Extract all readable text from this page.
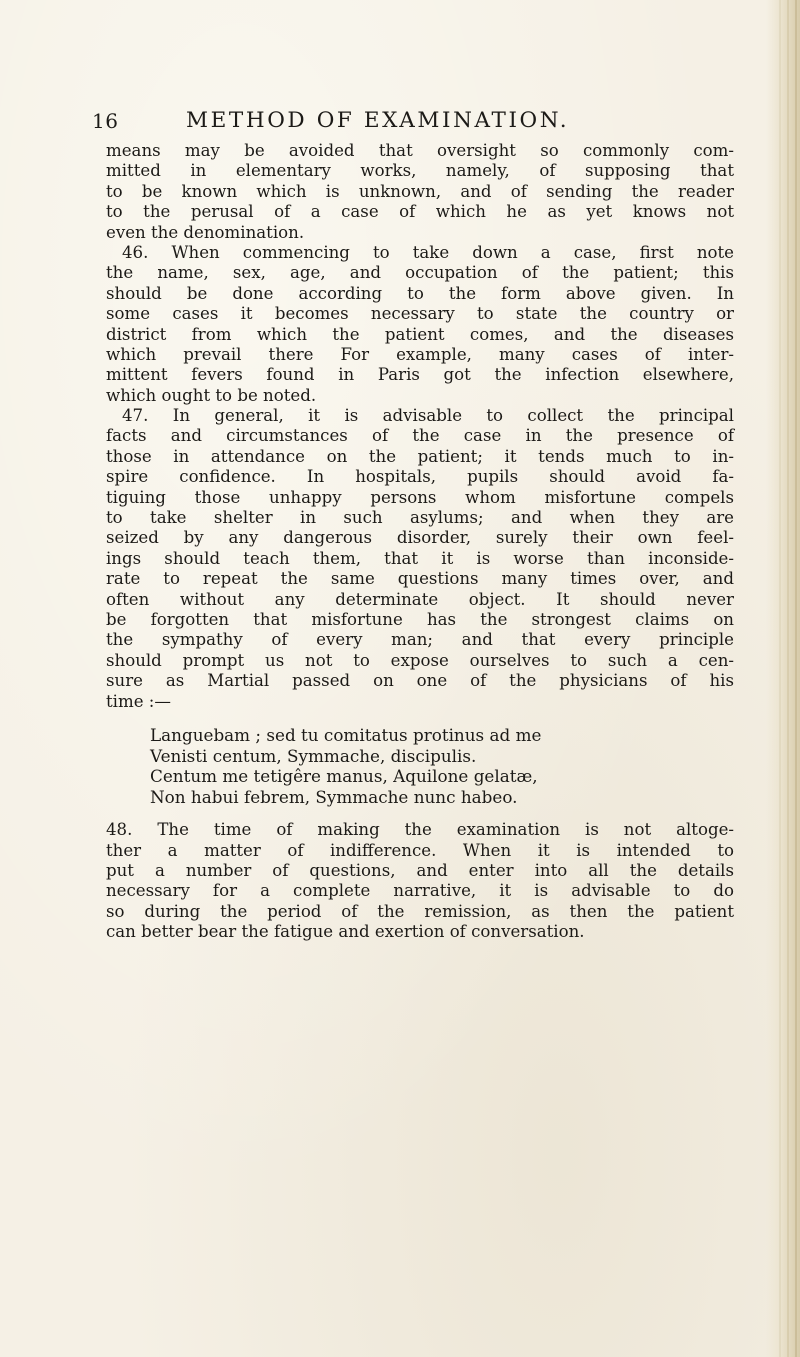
16	METHOD OF EXAMINATION.
means may be avoided that oversight so commonly com-
mitted in elementary works, namely, of supposing that
to be known which is unknown, and of sending the reader
to the perusal of a case of which he as yet knows not
even the denomination.
46. When commencing to take down a case, first note
the name, sex, age, and occupation of the patient; this
should be done according to the form above given. In
some cases it becomes necessary to state the country or
district from which the patient comes, and the diseases
which prevail there For example, many cases of inter-
mittent fevers found in Paris got the infection elsewhere,
which ought to be noted.
47. In general, it is advisable to collect the principal
facts and circumstances of the case in the presence of
those in attendance on the patient; it tends much to in-
spire confidence. In hospitals, pupils should avoid fa-
tiguing those unhappy persons whom misfortune compels
to take shelter in such asylums; and when they are
seized by any dangerous disorder, surely their own feel-
ings should teach them, that it is worse than inconside-
rate to repeat the same questions many times over, and
often without any determinate object. It should never
be forgotten that misfortune has the strongest claims on
the sympathy of every man; and that every principle
should prompt us not to expose ourselves to such a cen-
sure as Martial passed on one of the physicians of his
time :—
Languebam ; sed tu comitatus protinus ad me
Venisti centum, Symmache, discipulis.
Centum me tetigêre manus, Aquilone gelatæ,
Non habui febrem, Symmache nunc habeo.
48. The time of making the examination is not altoge-
ther a matter of indifference. When it is intended to
put a number of questions, and enter into all the details
necessary for a complete narrative, it is advisable to do
so during the period of the remission, as then the patient
can better bear the fatigue and exertion of conversation.
